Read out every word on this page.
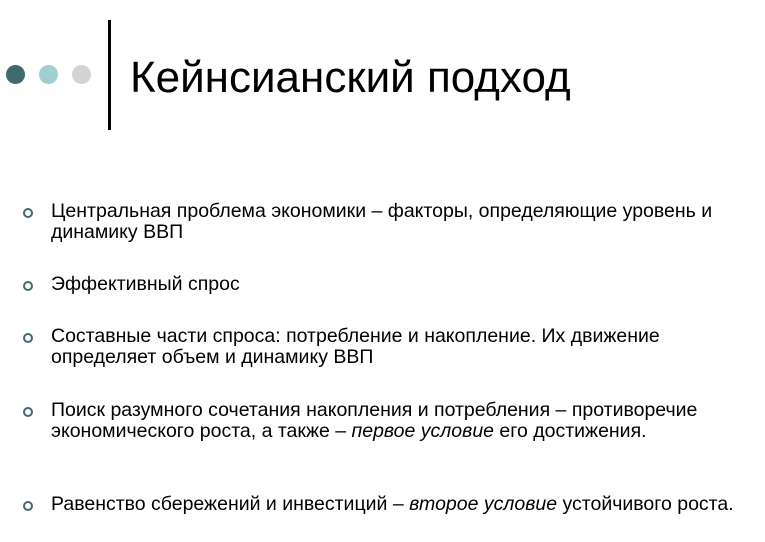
Кейнсианский подход
Центральная проблема экономики – факторы, определяющие уровень и динамику ВВП
Эффективный спрос
Составные части спроса: потребление и накопление. Их движение определяет объем и динамику ВВП
Поиск разумного сочетания накопления и потребления – противоречие экономического роста, а также – первое условие его достижения.
Равенство сбережений и инвестиций – второе условие устойчивого роста.
